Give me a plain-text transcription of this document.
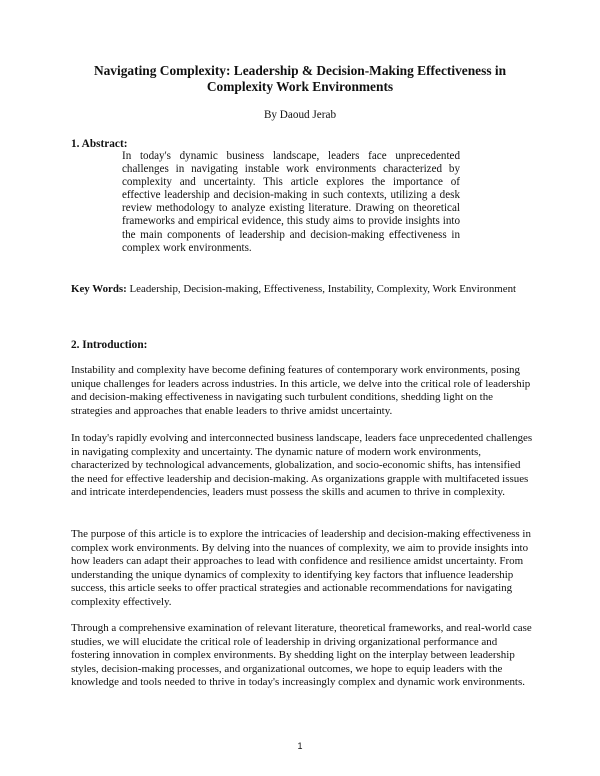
Navigating Complexity: Leadership & Decision-Making Effectiveness in Complexity Work Environments

By Daoud Jerab
1. Abstract:

In today's dynamic business landscape, leaders face unprecedented challenges in navigating instable work environments characterized by complexity and uncertainty. This article explores the importance of effective leadership and decision-making in such contexts, utilizing a desk review methodology to analyze existing literature. Drawing on theoretical frameworks and empirical evidence, this study aims to provide insights into the main components of leadership and decision-making effectiveness in complex work environments.

Key Words: Leadership, Decision-making, Effectiveness, Instability, Complexity, Work Environment

2. Introduction:

Instability and complexity have become defining features of contemporary work environments, posing unique challenges for leaders across industries. In this article, we delve into the critical role of leadership and decision-making effectiveness in navigating such turbulent conditions, shedding light on the strategies and approaches that enable leaders to thrive amidst uncertainty.

In today's rapidly evolving and interconnected business landscape, leaders face unprecedented challenges in navigating complexity and uncertainty. The dynamic nature of modern work environments, characterized by technological advancements, globalization, and socio-economic shifts, has intensified the need for effective leadership and decision-making. As organizations grapple with multifaceted issues and intricate interdependencies, leaders must possess the skills and acumen to thrive in complexity.

The purpose of this article is to explore the intricacies of leadership and decision-making effectiveness in complex work environments. By delving into the nuances of complexity, we aim to provide insights into how leaders can adapt their approaches to lead with confidence and resilience amidst uncertainty. From understanding the unique dynamics of complexity to identifying key factors that influence leadership success, this article seeks to offer practical strategies and actionable recommendations for navigating complexity effectively.

Through a comprehensive examination of relevant literature, theoretical frameworks, and real-world case studies, we will elucidate the critical role of leadership in driving organizational performance and fostering innovation in complex environments. By shedding light on the interplay between leadership styles, decision-making processes, and organizational outcomes, we hope to equip leaders with the knowledge and tools needed to thrive in today's increasingly complex and dynamic work environments.

1
